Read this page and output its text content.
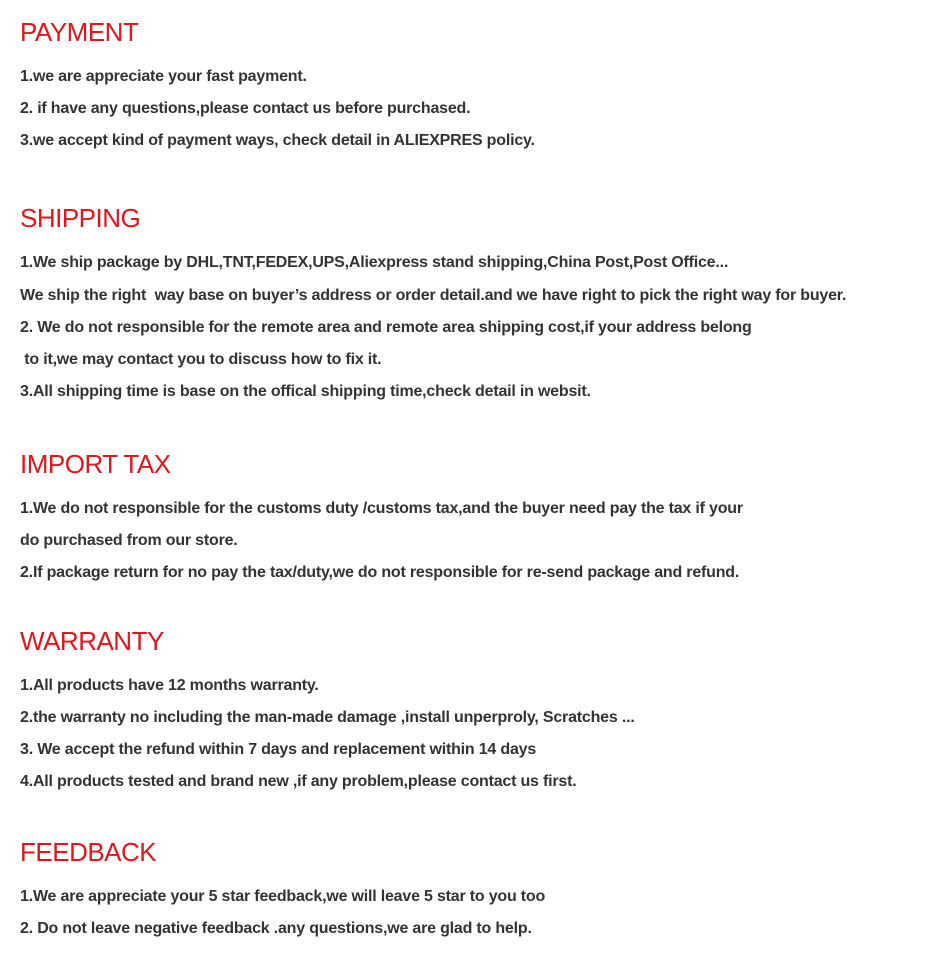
PAYMENT

1.we are appreciate your fast payment.

2. if have any questions,please contact us before purchased.

3.we accept kind of payment ways, check detail in ALIEXPRES policy.

SHIPPING

1.We ship package by DHL,TNT,FEDEX,UPS,Aliexpress stand shipping,China Post,Post Office...

We ship the right  way base on buyer’s address or order detail.and we have right to pick the right way for buyer.

2. We do not responsible for the remote area and remote area shipping cost,if your address belong

to it,we may contact you to discuss how to fix it.

3.All shipping time is base on the offical shipping time,check detail in websit.

IMPORT TAX

1.We do not responsible for the customs duty /customs tax,and the buyer need pay the tax if your

do purchased from our store.

2.If package return for no pay the tax/duty,we do not responsible for re-send package and refund.

WARRANTY

1.All products have 12 months warranty.

2.the warranty no including the man-made damage ,install unperproly, Scratches ...

3. We accept the refund within 7 days and replacement within 14 days

4.All products tested and brand new ,if any problem,please contact us first.

FEEDBACK

1.We are appreciate your 5 star feedback,we will leave 5 star to you too

2. Do not leave negative feedback .any questions,we are glad to help.
